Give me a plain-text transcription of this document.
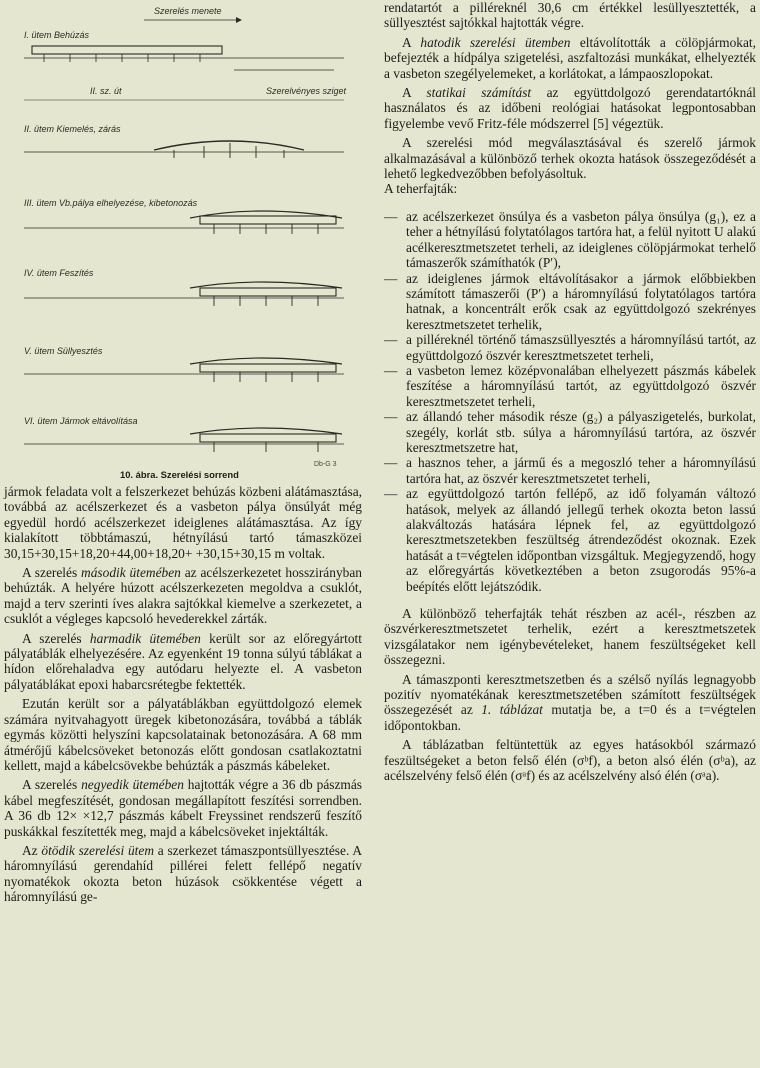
Szerelés menete
I. ütem Behúzás
II. ütem Kiemelés, zárás
III. ütem Vb.pálya elhelyezése, kibetonozás
IV. ütem Feszítés
V. ütem Süllyesztés
VI. ütem Jármok eltávolítása
II. sz. út	Szerelvényes sziget
10. ábra. Szerelési sorrend
Db-G 3

jármok feladata volt a felszerkezet behúzás közbeni alátámasztása, továbbá az acélszerkezet és a vasbeton pálya önsúlyát még egyedül hordó acélszerkezet ideiglenes alátámasztása. Az így kialakított többtámaszú, hétnyílású tartó támaszközei 30,15+30,15+18,20+44,00+18,20+ +30,15+30,15 m voltak.

A szerelés második ütemében az acélszerkezetet hosszirányban behúzták. A helyére húzott acélszerkezeten megoldva a csuklót, majd a terv szerinti íves alakra sajtókkal kiemelve a szerkezetet, a csuklót a végleges kapcsoló hevederekkel zárták.

A szerelés harmadik ütemében került sor az előregyártott pályatáblák elhelyezésére. Az egyenként 19 tonna súlyú táblákat a hídon előrehaladva egy autódaru helyezte el. A vasbeton pályatáblákat epoxi habarcsrétegbe fektették.

Ezután került sor a pályatáblákban együttdolgozó elemek számára nyitvahagyott üregek kibetonozására, továbbá a táblák egymás közötti helyszíni kapcsolatainak betonozására. A 68 mm átmérőjű kábelcsöveket betonozás előtt gondosan csatlakoztatni kellett, majd a kábelcsövekbe behúzták a pászmás kábeleket.

A szerelés negyedik ütemében hajtották végre a 36 db pászmás kábel megfeszítését, gondosan megállapított feszítési sorrendben. A 36 db 12× ×12,7 pászmás kábelt Freyssinet rendszerű feszítő puskákkal feszítették meg, majd a kábelcsöveket injektálták.

Az ötödik szerelési ütem a szerkezet támaszpontsüllyesztése. A háromnyílású gerendahíd pillérei felett fellépő negatív nyomatékok okozta beton húzások csökkentése végett a háromnyílású ge-

rendatartót a pilléreknél 30,6 cm értékkel lesüllyesztették, a süllyesztést sajtókkal hajtották végre.

A hatodik szerelési ütemben eltávolították a cölöpjármokat, befejezték a hídpálya szigetelési, aszfaltozási munkákat, elhelyezték a vasbeton szegélyelemeket, a korlátokat, a lámpaoszlopokat.

A statikai számítást az együttdolgozó gerendatartóknál használatos és az időbeni reológiai hatásokat legpontosabban figyelembe vevő Fritz-féle módszerrel [5] végeztük.

A szerelési mód megválasztásával és szerelő jármok alkalmazásával a különböző terhek okozta hatások összegeződését a lehető legkedvezőbben befolyásoltuk.

A teherfajták:

— az acélszerkezet önsúlya és a vasbeton pálya önsúlya (g₁), ez a teher a hétnyílású folytatólagos tartóra hat, a felül nyitott U alakú acélkeresztmetszetet terheli, az ideiglenes cölöpjármokat terhelő támaszerők számíthatók (P′),

— az ideiglenes jármok eltávolításakor a jármok előbbiekben számított támaszerői (P′) a háromnyílású folytatólagos tartóra hatnak, a koncentrált erők csak az együttdolgozó szekrényes keresztmetszetet terhelik,

— a pilléreknél történő támaszsüllyesztés a háromnyílású tartót, az együttdolgozó öszvér keresztmetszetet terheli,

— a vasbeton lemez középvonalában elhelyezett pászmás kábelek feszítése a háromnyílású tartót, az együttdolgozó öszvér keresztmetszetet terheli,

— az állandó teher második része (g₂) a pályaszigetelés, burkolat, szegély, korlát stb. súlya a háromnyílású tartóra, az öszvér keresztmetszetre hat,

— a hasznos teher, a jármű és a megoszló teher a háromnyílású tartóra hat, az öszvér keresztmetszetet terheli,

— az együttdolgozó tartón fellépő, az idő folyamán változó hatások, melyek az állandó jellegű terhek okozta beton lassú alakváltozás hatására lépnek fel, az együttdolgozó keresztmetszetekben feszültség átrendeződést okoznak. Ezek hatását a t=végtelen időpontban vizsgáltuk. Megjegyzendő, hogy az előregyártás következtében a beton zsugorodás 95%-a beépítés előtt lejátszódik.

A különböző teherfajták tehát részben az acél-, részben az öszvérkeresztmetszetet terhelik, ezért a keresztmetszetek vizsgálatakor nem igénybevételeket, hanem feszültségeket kell összegezni.

A támaszponti keresztmetszetben és a szélső nyílás legnagyobb pozitív nyomatékának keresztmetszetében számított feszültségek összegezését az 1. táblázat mutatja be, a t=0 és a t=végtelen időpontokban.

A táblázatban feltüntettük az egyes hatásokból származó feszültségeket a beton felső élén (σᵇf), a beton alsó élén (σᵇa), az acélszelvény felső élén (σᵃf) és az acélszelvény alsó élén (σᵃa).
